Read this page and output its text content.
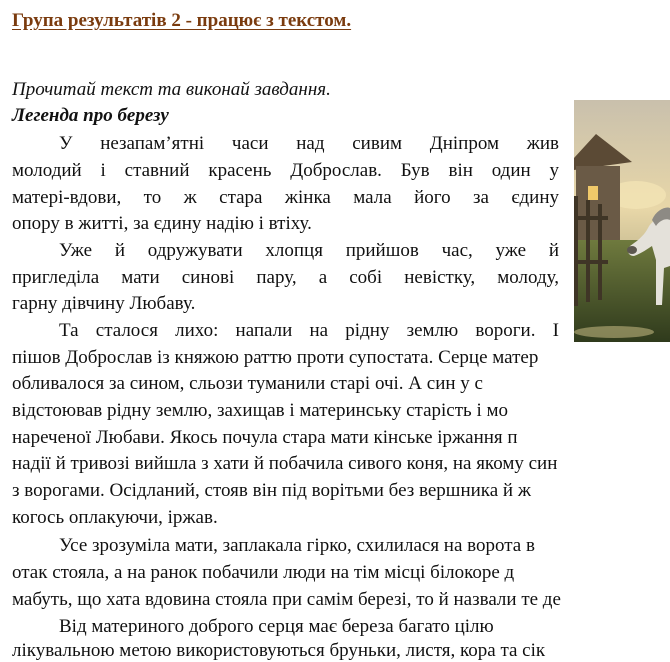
Група результатів 2 - працює з текстом.
Прочитай текст та виконай завдання.
Легенда про березу
У незапам’ятні часи над сивим Дніпром жив
молодий і ставний красень Доброслав. Був він один у
матері-вдови, то ж стара жінка мала його за єдину
опору в житті, за єдину надію і втіху.
Уже й одружувати хлопця прийшов час, уже й
пригледіла мати синові пару, а собі невістку, молоду,
гарну дівчину Любаву.
Та сталося лихо: напали на рідну землю вороги. І
пішов Доброслав із княжою раттю проти супостата. Серце матер
обливалося за сином, сльози туманили старі очі. А син у с
відстоював рідну землю, захищав і материнську старість і мо
нареченої Любави. Якось почула стара мати кінське іржання п
надії й тривозі вийшла з хати й побачила сивого коня, на якому син
з ворогами. Осідланий, стояв він під ворітьми без вершника й ж
когось оплакуючи, іржав.
Усе зрозуміла мати, заплакала гірко, схилилася на ворота в
отак стояла, а на ранок побачили люди на тім місці білокоре д
мабуть, що хата вдовина стояла при самім березі, то й назвали те де
Від материного доброго серця має береза багато цілю
лікувальною метою використовуються бруньки, листя, кора та сік
